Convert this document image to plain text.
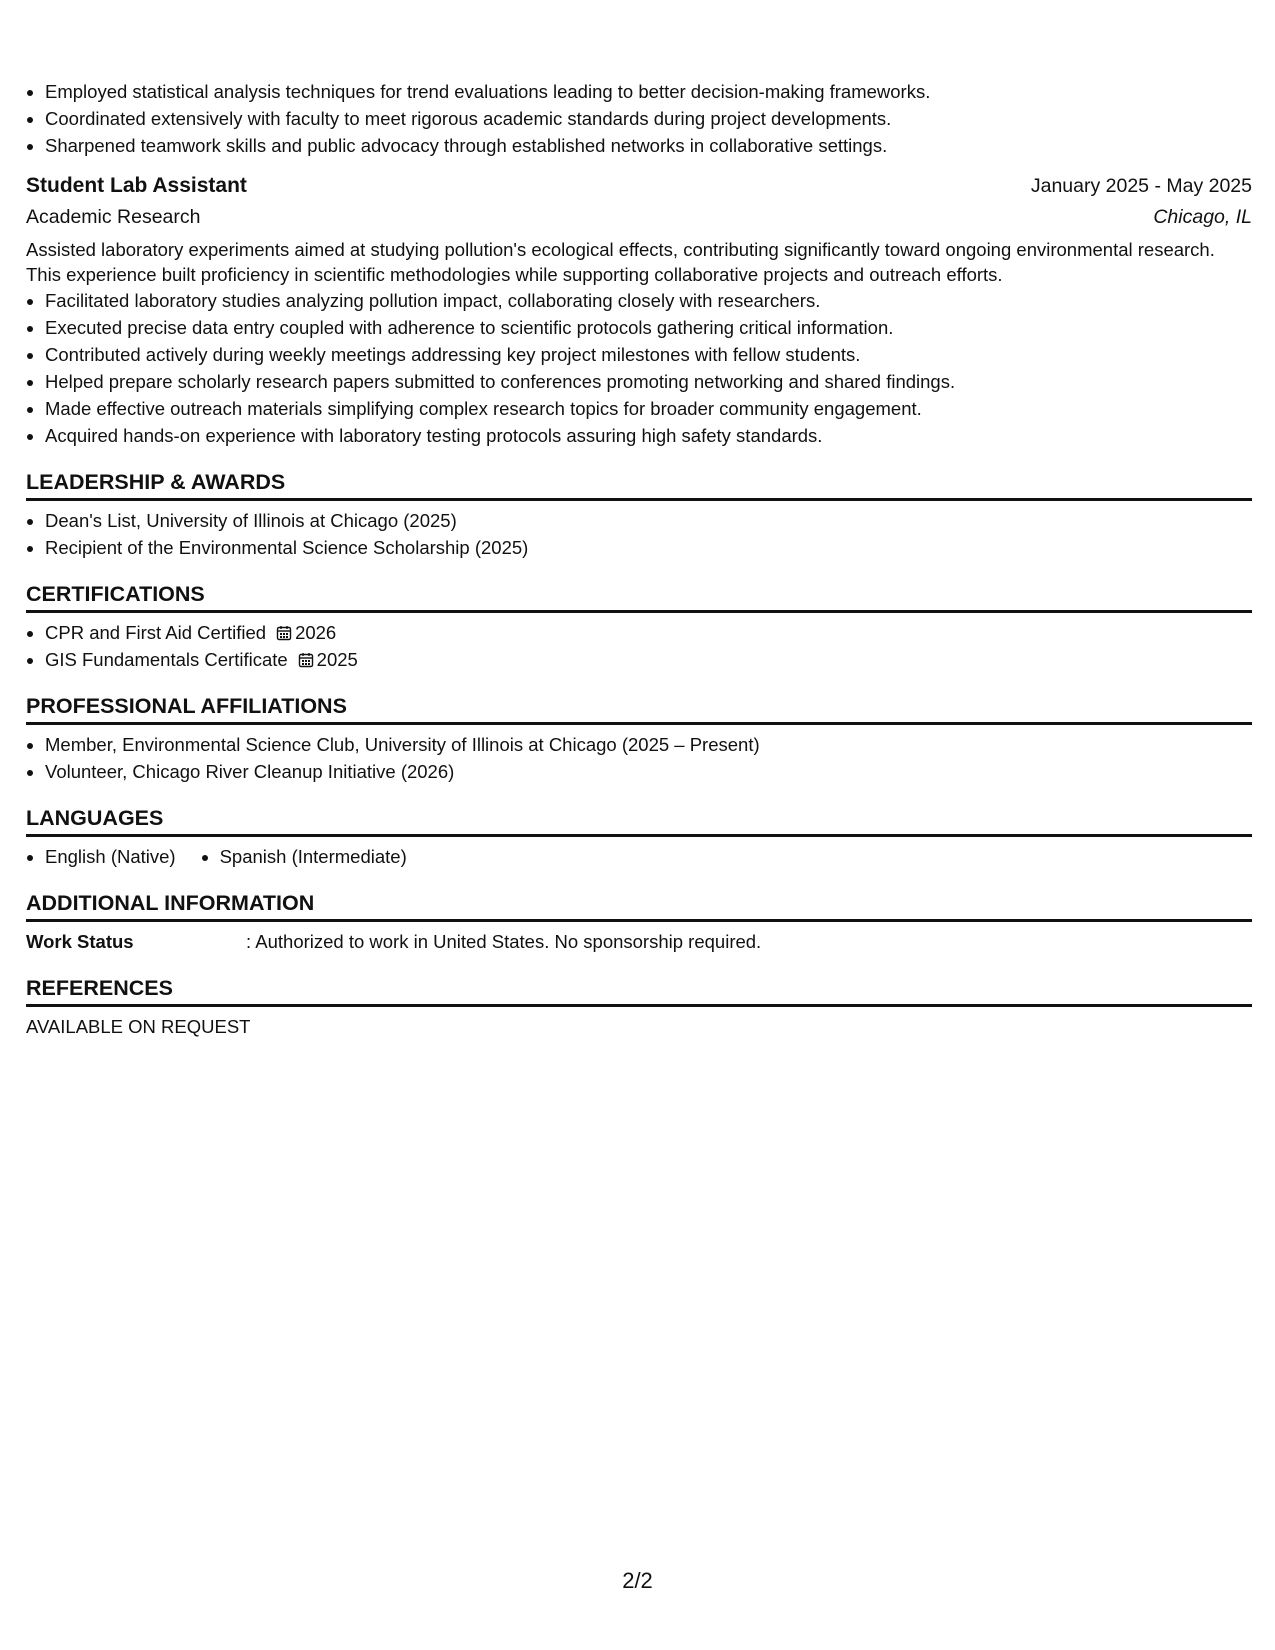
• Employed statistical analysis techniques for trend evaluations leading to better decision-making frameworks.
• Coordinated extensively with faculty to meet rigorous academic standards during project developments.
• Sharpened teamwork skills and public advocacy through established networks in collaborative settings.
Student Lab Assistant	January 2025 - May 2025
Academic Research	Chicago, IL
Assisted laboratory experiments aimed at studying pollution's ecological effects, contributing significantly toward ongoing environmental research. This experience built proficiency in scientific methodologies while supporting collaborative projects and outreach efforts.
• Facilitated laboratory studies analyzing pollution impact, collaborating closely with researchers.
• Executed precise data entry coupled with adherence to scientific protocols gathering critical information.
• Contributed actively during weekly meetings addressing key project milestones with fellow students.
• Helped prepare scholarly research papers submitted to conferences promoting networking and shared findings.
• Made effective outreach materials simplifying complex research topics for broader community engagement.
• Acquired hands-on experience with laboratory testing protocols assuring high safety standards.
LEADERSHIP & AWARDS
• Dean's List, University of Illinois at Chicago (2025)
• Recipient of the Environmental Science Scholarship (2025)
CERTIFICATIONS
• CPR and First Aid Certified 2026
• GIS Fundamentals Certificate 2025
PROFESSIONAL AFFILIATIONS
• Member, Environmental Science Club, University of Illinois at Chicago (2025 – Present)
• Volunteer, Chicago River Cleanup Initiative (2026)
LANGUAGES
• English (Native)
• Spanish (Intermediate)
ADDITIONAL INFORMATION
Work Status	: Authorized to work in United States. No sponsorship required.
REFERENCES
AVAILABLE ON REQUEST
2/2
